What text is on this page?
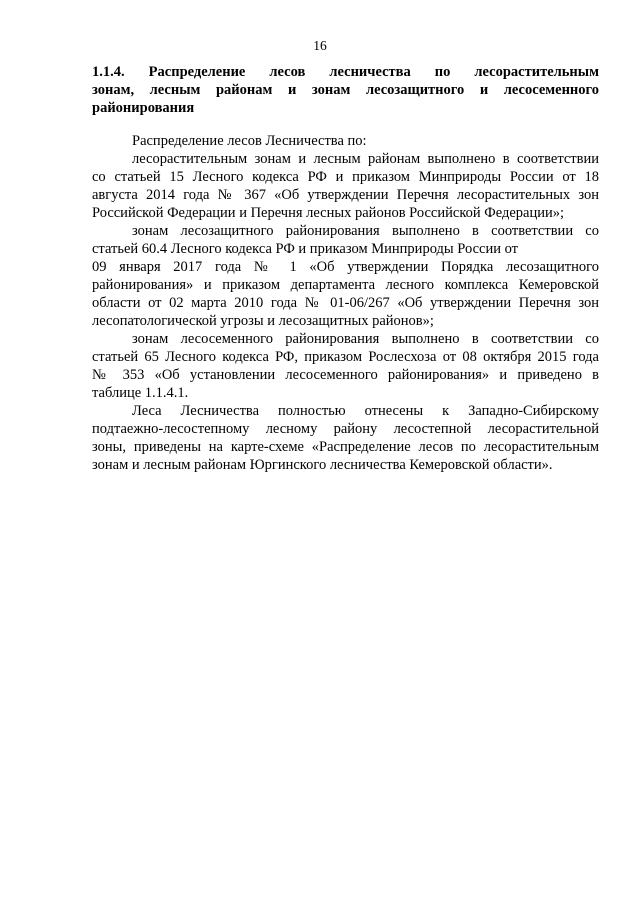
16
1.1.4. Распределение лесов лесничества по лесорастительным
зонам, лесным районам и зонам лесозащитного и лесосеменного
районирования
Распределение лесов Лесничества по:
лесорастительным зонам и лесным районам выполнено в соответствии
со статьей 15 Лесного кодекса РФ и приказом Минприроды России от 18
августа 2014 года № 367 «Об утверждении Перечня лесорастительных зон
Российской Федерации и Перечня лесных районов Российской Федерации»;
зонам лесозащитного районирования выполнено в соответствии со
статьей 60.4 Лесного кодекса РФ и приказом Минприроды России от
09 января 2017 года № 1 «Об утверждении Порядка лесозащитного
районирования» и приказом департамента лесного комплекса Кемеровской
области от 02 марта 2010 года № 01-06/267 «Об утверждении Перечня зон
лесопатологической угрозы и лесозащитных районов»;
зонам лесосеменного районирования выполнено в соответствии со
статьей 65 Лесного кодекса РФ, приказом Рослесхоза от 08 октября 2015 года
№ 353 «Об установлении лесосеменного районирования» и приведено в
таблице 1.1.4.1.
Леса Лесничества полностью отнесены к Западно-Сибирскому
подтаежно-лесостепному лесному району лесостепной лесорастительной
зоны, приведены на карте-схеме «Распределение лесов по лесорастительным
зонам и лесным районам Юргинского лесничества Кемеровской области».
